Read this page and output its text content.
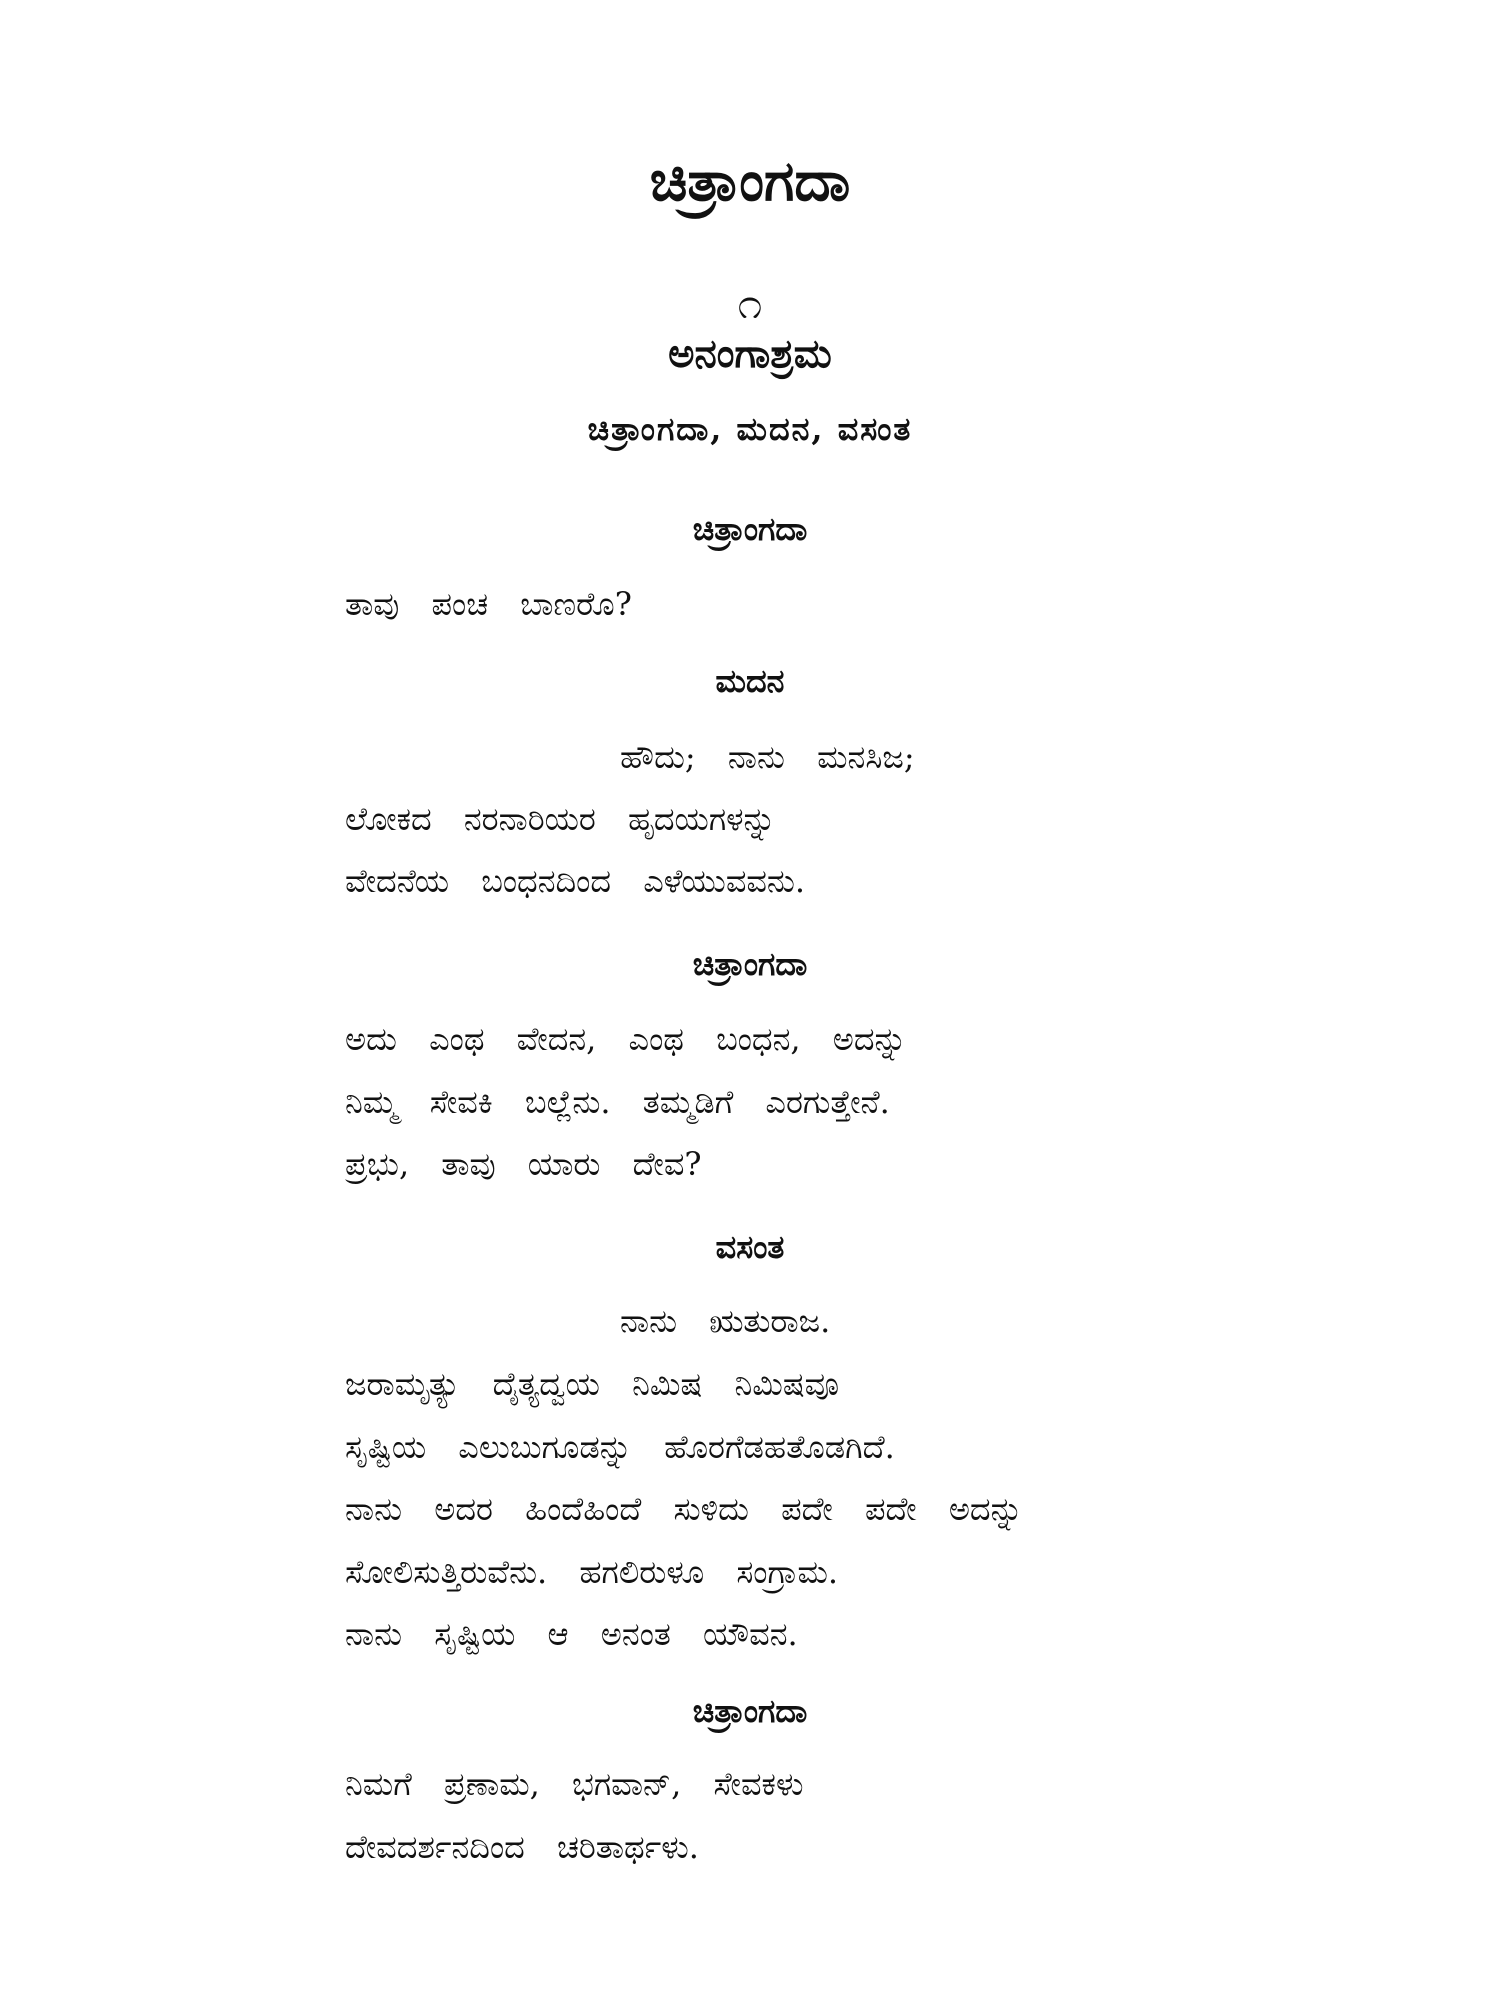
ಚಿತ್ರಾಂಗದಾ
೧
ಅನಂಗಾಶ್ರಮ
ಚಿತ್ರಾಂಗದಾ, ಮದನ, ವಸಂತ
ಚಿತ್ರಾಂಗದಾ
ತಾವು ಪಂಚ ಬಾಣರೊ?
ಮದನ
ಹೌದು; ನಾನು ಮನಸಿಜ;
ಲೋಕದ ನರನಾರಿಯರ ಹೃದಯಗಳನ್ನು
ವೇದನೆಯ ಬಂಧನದಿಂದ ಎಳೆಯುವವನು.
ಚಿತ್ರಾಂಗದಾ
ಅದು ಎಂಥ ವೇದನ, ಎಂಥ ಬಂಧನ, ಅದನ್ನು
ನಿಮ್ಮ ಸೇವಕಿ ಬಲ್ಲೆನು. ತಮ್ಮಡಿಗೆ ಎರಗುತ್ತೇನೆ.
ಪ್ರಭು, ತಾವು ಯಾರು ದೇವ?
ವಸಂತ
ನಾನು ಋತುರಾಜ.
ಜರಾಮೃತ್ಯು ದೈತ್ಯದ್ವಯ ನಿಮಿಷ ನಿಮಿಷವೂ
ಸೃಷ್ಟಿಯ ಎಲುಬುಗೂಡನ್ನು ಹೊರಗೆಡಹತೊಡಗಿದೆ.
ನಾನು ಅದರ ಹಿಂದೆಹಿಂದೆ ಸುಳಿದು ಪದೇ ಪದೇ ಅದನ್ನು
ಸೋಲಿಸುತ್ತಿರುವೆನು. ಹಗಲಿರುಳೂ ಸಂಗ್ರಾಮ.
ನಾನು ಸೃಷ್ಟಿಯ ಆ ಅನಂತ ಯೌವನ.
ಚಿತ್ರಾಂಗದಾ
ನಿಮಗೆ ಪ್ರಣಾಮ, ಭಗವಾನ್, ಸೇವಕಳು
ದೇವದರ್ಶನದಿಂದ ಚರಿತಾರ್ಥಳು.
